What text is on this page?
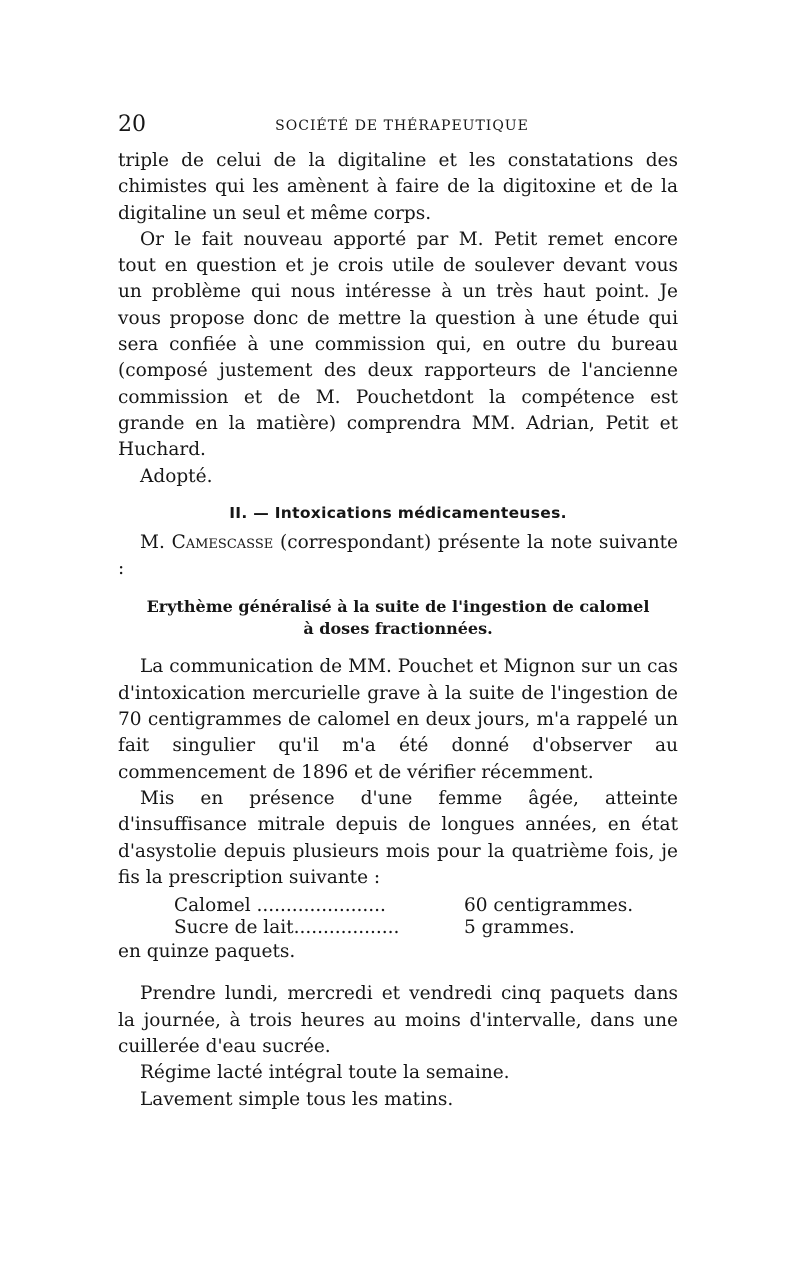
20	SOCIÉTÉ DE THÉRAPEUTIQUE

triple de celui de la digitaline et les constatations des chimistes qui les amènent à faire de la digitoxine et de la digitaline un seul et même corps.

Or le fait nouveau apporté par M. Petit remet encore tout en question et je crois utile de soulever devant vous un problème qui nous intéresse à un très haut point. Je vous propose donc de mettre la question à une étude qui sera confiée à une commission qui, en outre du bureau (composé justement des deux rapporteurs de l'ancienne commission et de M. Pouchetdont la compétence est grande en la matière) comprendra MM. Adrian, Petit et Huchard.

Adopté.

II. — Intoxications médicamenteuses.

M. Camescasse (correspondant) présente la note suivante :

Erythème généralisé à la suite de l'ingestion de calomel
à doses fractionnées.

La communication de MM. Pouchet et Mignon sur un cas d'intoxication mercurielle grave à la suite de l'ingestion de 70 centigrammes de calomel en deux jours, m'a rappelé un fait singulier qu'il m'a été donné d'observer au commencement de 1896 et de vérifier récemment.

Mis en présence d'une femme âgée, atteinte d'insuffisance mitrale depuis de longues années, en état d'asystolie depuis plusieurs mois pour la quatrième fois, je fis la prescription suivante :

Calomel ......................	60 centigrammes.
Sucre de lait..................	5 grammes.

en quinze paquets.

Prendre lundi, mercredi et vendredi cinq paquets dans la journée, à trois heures au moins d'intervalle, dans une cuillerée d'eau sucrée.

Régime lacté intégral toute la semaine.

Lavement simple tous les matins.
